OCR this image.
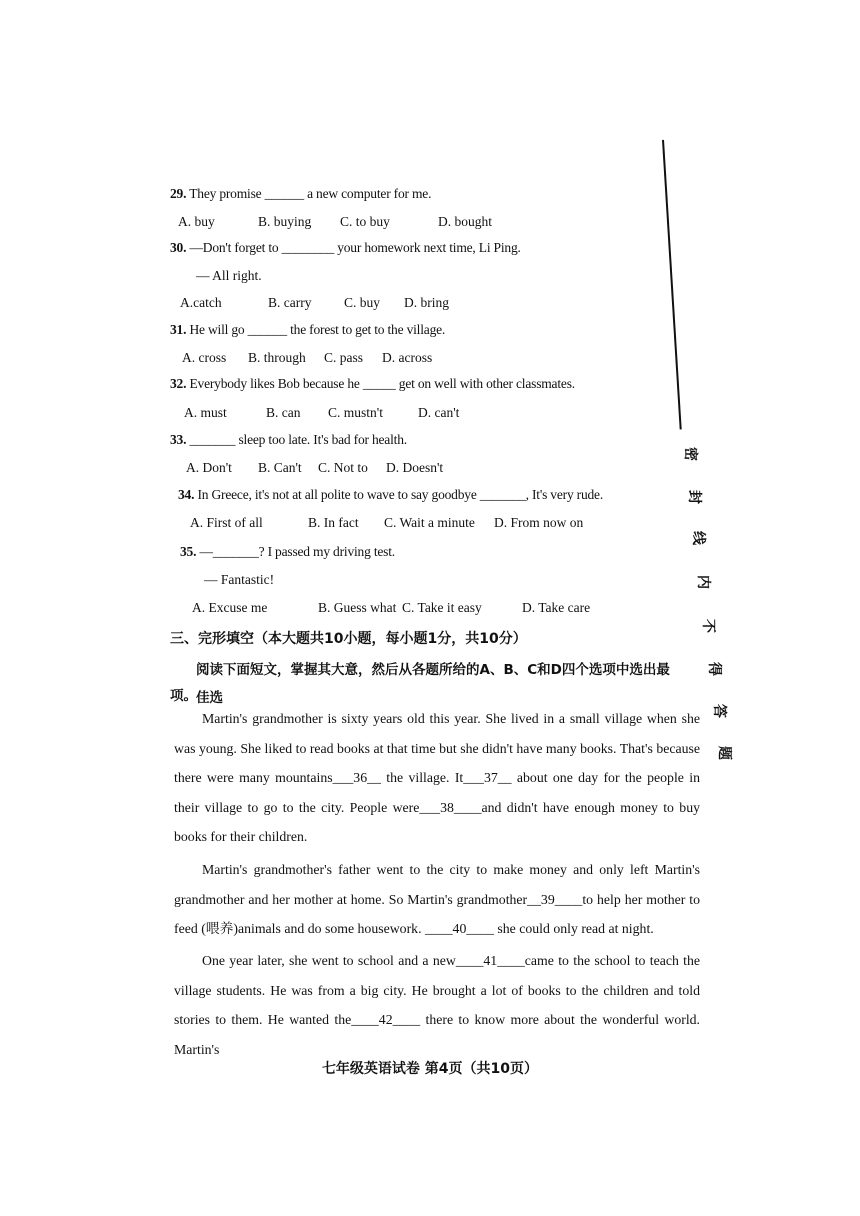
29. They promise ______ a new computer for me.
A. buy	B. buying C. to buy	D. bought
30. —Don't forget to ________ your homework next time, Li Ping.
— All right.
A.catch	B. carry C. buy D. bring
31. He will go ______ the forest to get to the village.
A. cross B. through C. pass D. across
32. Everybody likes Bob because he _____ get on well with other classmates.
A. must	B. can C. mustn't	D. can't
33. _______ sleep too late. It's bad for health.
A. Don't B. Can't C. Not to D. Doesn't
34. In Greece, it's not at all polite to wave to say goodbye _______, It's very rude.
A. First of all	B. In fact C. Wait a minute D. From now on
35. —_______? I passed my driving test.
— Fantastic!
A. Excuse me	B. Guess what C. Take it easy	D. Take care
三、完形填空（本大题共10小题，每小题1分，共10分）
阅读下面短文，掌握其大意，然后从各题所给的A、B、C和D四个选项中选出最佳选
项。
Martin's grandmother is sixty years old this year. She lived in a small village when she was young. She liked to read books at that time but she didn't have many books. That's because there were many mountains___36__ the village. It___37__ about one day for the people in their village to go to the city. People were___38____and didn't have enough money to buy books for their children.
Martin's grandmother's father went to the city to make money and only left Martin's grandmother and her mother at home. So Martin's grandmother__39____to help her mother to feed (喂养)animals and do some housework. ____40____ she could only read at night.
One year later, she went to school and a new____41____came to the school to teach the village students. He was from a big city. He brought a lot of books to the children and told stories to them. He wanted the____42____ there to know more about the wonderful world. Martin's
密
封
线
内
不
得
答
题
七年级英语试卷 第4页（共10页）
